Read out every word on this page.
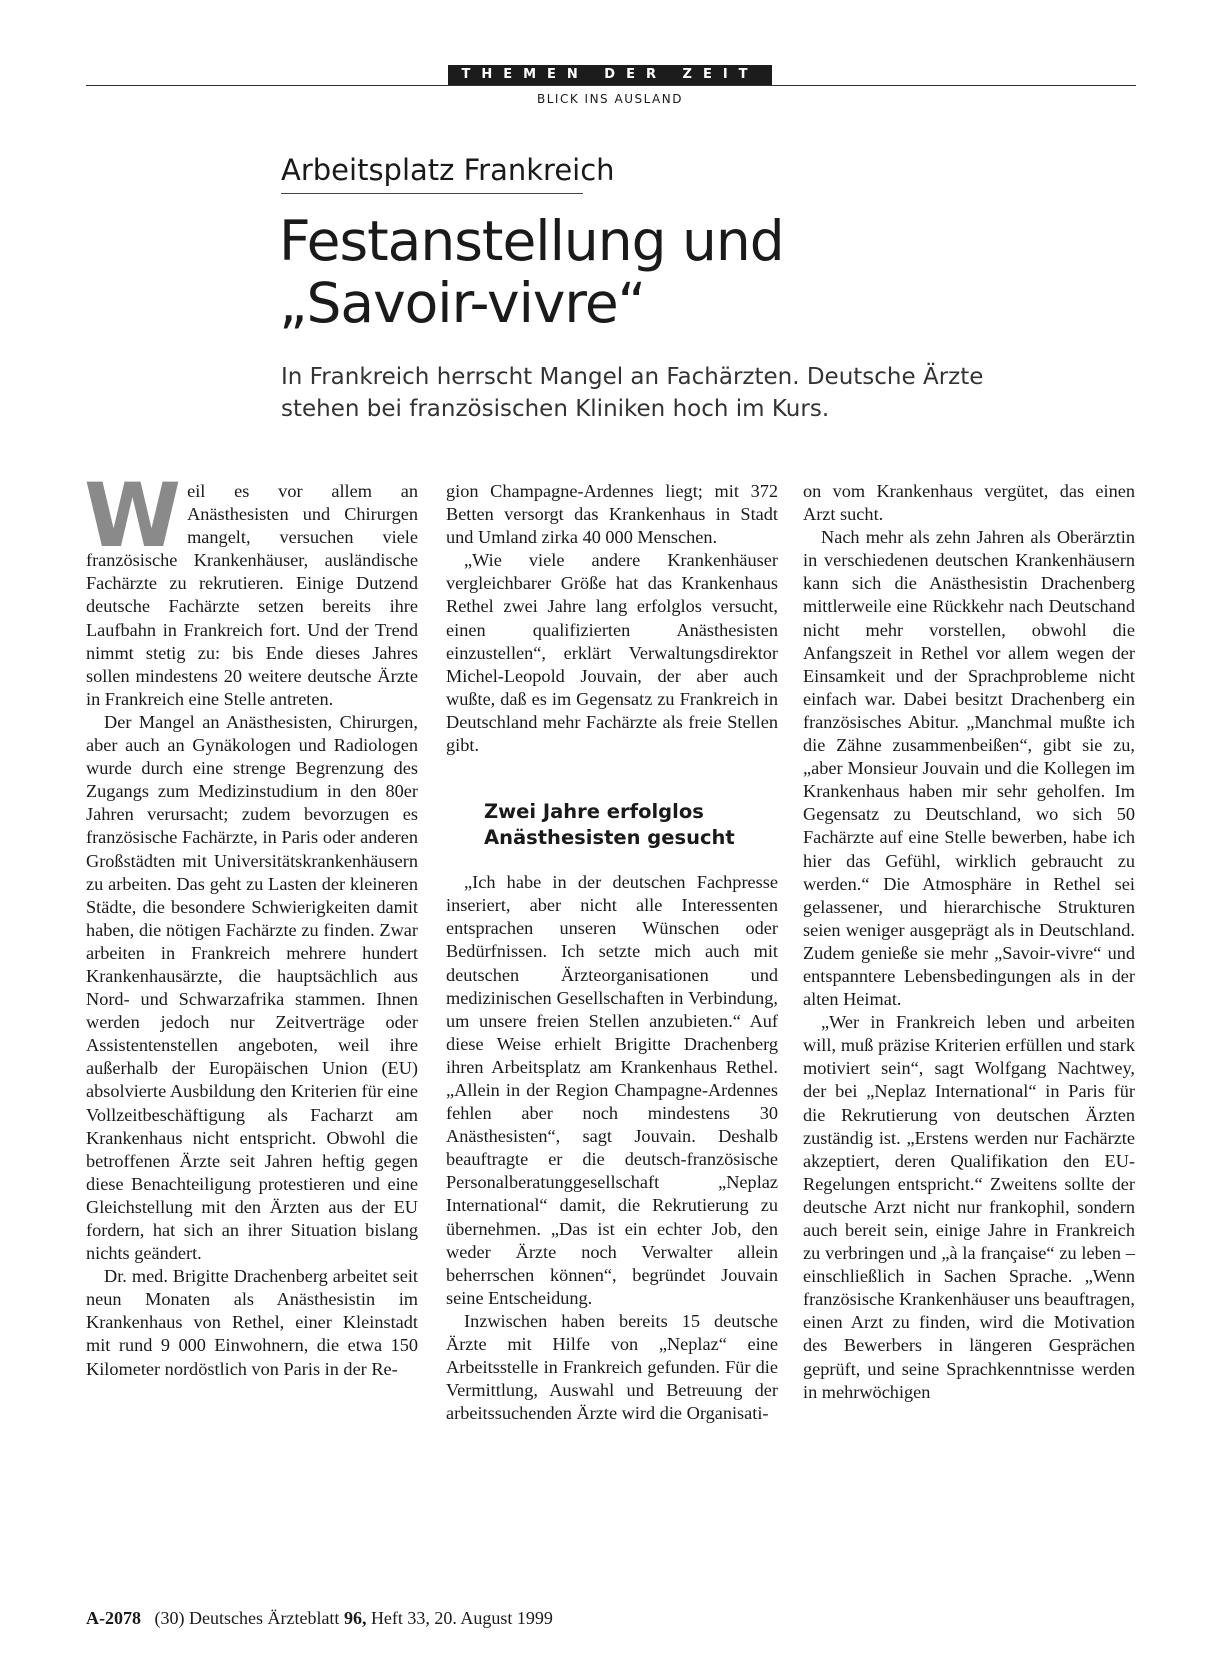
THEMEN DER ZEIT
BLICK INS AUSLAND
Arbeitsplatz Frankreich
Festanstellung und
„Savoir-vivre“
In Frankreich herrscht Mangel an Fachärzten. Deutsche Ärzte
stehen bei französischen Kliniken hoch im Kurs.

Weil es vor allem an Anästhesisten und Chirurgen mangelt, versuchen viele französische Krankenhäuser, ausländische Fachärzte zu rekrutieren. Einige Dutzend deutsche Fachärzte setzen bereits ihre Laufbahn in Frankreich fort. Und der Trend nimmt stetig zu: bis Ende dieses Jahres sollen mindestens 20 weitere deutsche Ärzte in Frankreich eine Stelle antreten.

Der Mangel an Anästhesisten, Chirurgen, aber auch an Gynäkologen und Radiologen wurde durch eine strenge Begrenzung des Zugangs zum Medizinstudium in den 80er Jahren verursacht; zudem bevorzugen es französische Fachärzte, in Paris oder anderen Großstädten mit Universitätskrankenhäusern zu arbeiten. Das geht zu Lasten der kleineren Städte, die besondere Schwierigkeiten damit haben, die nötigen Fachärzte zu finden. Zwar arbeiten in Frankreich mehrere hundert Krankenhausärzte, die hauptsächlich aus Nord- und Schwarzafrika stammen. Ihnen werden jedoch nur Zeitverträge oder Assistentenstellen angeboten, weil ihre außerhalb der Europäischen Union (EU) absolvierte Ausbildung den Kriterien für eine Vollzeitbeschäftigung als Facharzt am Krankenhaus nicht entspricht. Obwohl die betroffenen Ärzte seit Jahren heftig gegen diese Benachteiligung protestieren und eine Gleichstellung mit den Ärzten aus der EU fordern, hat sich an ihrer Situation bislang nichts geändert.

Dr. med. Brigitte Drachenberg arbeitet seit neun Monaten als Anästhesistin im Krankenhaus von Rethel, einer Kleinstadt mit rund 9 000 Einwohnern, die etwa 150 Kilometer nordöstlich von Paris in der Re-

gion Champagne-Ardennes liegt; mit 372 Betten versorgt das Krankenhaus in Stadt und Umland zirka 40 000 Menschen.

„Wie viele andere Krankenhäuser vergleichbarer Größe hat das Krankenhaus Rethel zwei Jahre lang erfolglos versucht, einen qualifizierten Anästhesisten einzustellen“, erklärt Verwaltungsdirektor Michel-Leopold Jouvain, der aber auch wußte, daß es im Gegensatz zu Frankreich in Deutschland mehr Fachärzte als freie Stellen gibt.

Zwei Jahre erfolglos
Anästhesisten gesucht

„Ich habe in der deutschen Fachpresse inseriert, aber nicht alle Interessenten entsprachen unseren Wünschen oder Bedürfnissen. Ich setzte mich auch mit deutschen Ärzteorganisationen und medizinischen Gesellschaften in Verbindung, um unsere freien Stellen anzubieten.“ Auf diese Weise erhielt Brigitte Drachenberg ihren Arbeitsplatz am Krankenhaus Rethel. „Allein in der Region Champagne-Ardennes fehlen aber noch mindestens 30 Anästhesisten“, sagt Jouvain. Deshalb beauftragte er die deutsch-französische Personalberatunggesellschaft „Neplaz International“ damit, die Rekrutierung zu übernehmen. „Das ist ein echter Job, den weder Ärzte noch Verwalter allein beherrschen können“, begründet Jouvain seine Entscheidung.

Inzwischen haben bereits 15 deutsche Ärzte mit Hilfe von „Neplaz“ eine Arbeitsstelle in Frankreich gefunden. Für die Vermittlung, Auswahl und Betreuung der arbeitssuchenden Ärzte wird die Organisati-

on vom Krankenhaus vergütet, das einen Arzt sucht.

Nach mehr als zehn Jahren als Oberärztin in verschiedenen deutschen Krankenhäusern kann sich die Anästhesistin Drachenberg mittlerweile eine Rückkehr nach Deutschand nicht mehr vorstellen, obwohl die Anfangszeit in Rethel vor allem wegen der Einsamkeit und der Sprachprobleme nicht einfach war. Dabei besitzt Drachenberg ein französisches Abitur. „Manchmal mußte ich die Zähne zusammenbeißen“, gibt sie zu, „aber Monsieur Jouvain und die Kollegen im Krankenhaus haben mir sehr geholfen. Im Gegensatz zu Deutschland, wo sich 50 Fachärzte auf eine Stelle bewerben, habe ich hier das Gefühl, wirklich gebraucht zu werden.“ Die Atmosphäre in Rethel sei gelassener, und hierarchische Strukturen seien weniger ausgeprägt als in Deutschland. Zudem genieße sie mehr „Savoir-vivre“ und entspanntere Lebensbedingungen als in der alten Heimat.

„Wer in Frankreich leben und arbeiten will, muß präzise Kriterien erfüllen und stark motiviert sein“, sagt Wolfgang Nachtwey, der bei „Neplaz International“ in Paris für die Rekrutierung von deutschen Ärzten zuständig ist. „Erstens werden nur Fachärzte akzeptiert, deren Qualifikation den EU-Regelungen entspricht.“ Zweitens sollte der deutsche Arzt nicht nur frankophil, sondern auch bereit sein, einige Jahre in Frankreich zu verbringen und „à la française“ zu leben – einschließlich in Sachen Sprache. „Wenn französische Krankenhäuser uns beauftragen, einen Arzt zu finden, wird die Motivation des Bewerbers in längeren Gesprächen geprüft, und seine Sprachkenntnisse werden in mehrwöchigen

A-2078 (30) Deutsches Ärzteblatt 96, Heft 33, 20. August 1999
